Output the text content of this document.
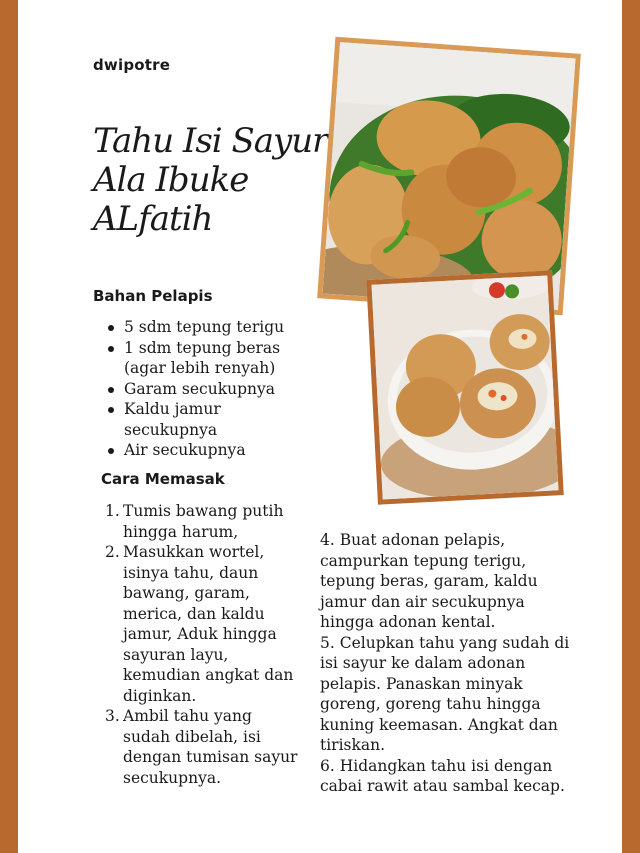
dwipotre
Tahu Isi Sayur
Ala Ibuke
ALfatih
Bahan Pelapis
5 sdm tepung terigu
1 sdm tepung beras (agar lebih renyah)
Garam secukupnya
Kaldu jamur secukupnya
Air secukupnya
Cara Memasak
1. Tumis bawang putih hingga harum,
2. Masukkan wortel, isinya tahu, daun bawang, garam, merica, dan kaldu jamur, Aduk hingga sayuran layu, kemudian angkat dan diginkan.
3. Ambil tahu yang sudah dibelah, isi dengan tumisan sayur secukupnya.

4. Buat adonan pelapis, campurkan tepung terigu, tepung beras, garam, kaldu jamur dan air secukupnya hingga adonan kental.

5. Celupkan tahu yang sudah di isi sayur ke dalam adonan pelapis. Panaskan minyak goreng, goreng tahu hingga kuning keemasan. Angkat dan tiriskan.

6. Hidangkan tahu isi dengan cabai rawit atau sambal kecap.
